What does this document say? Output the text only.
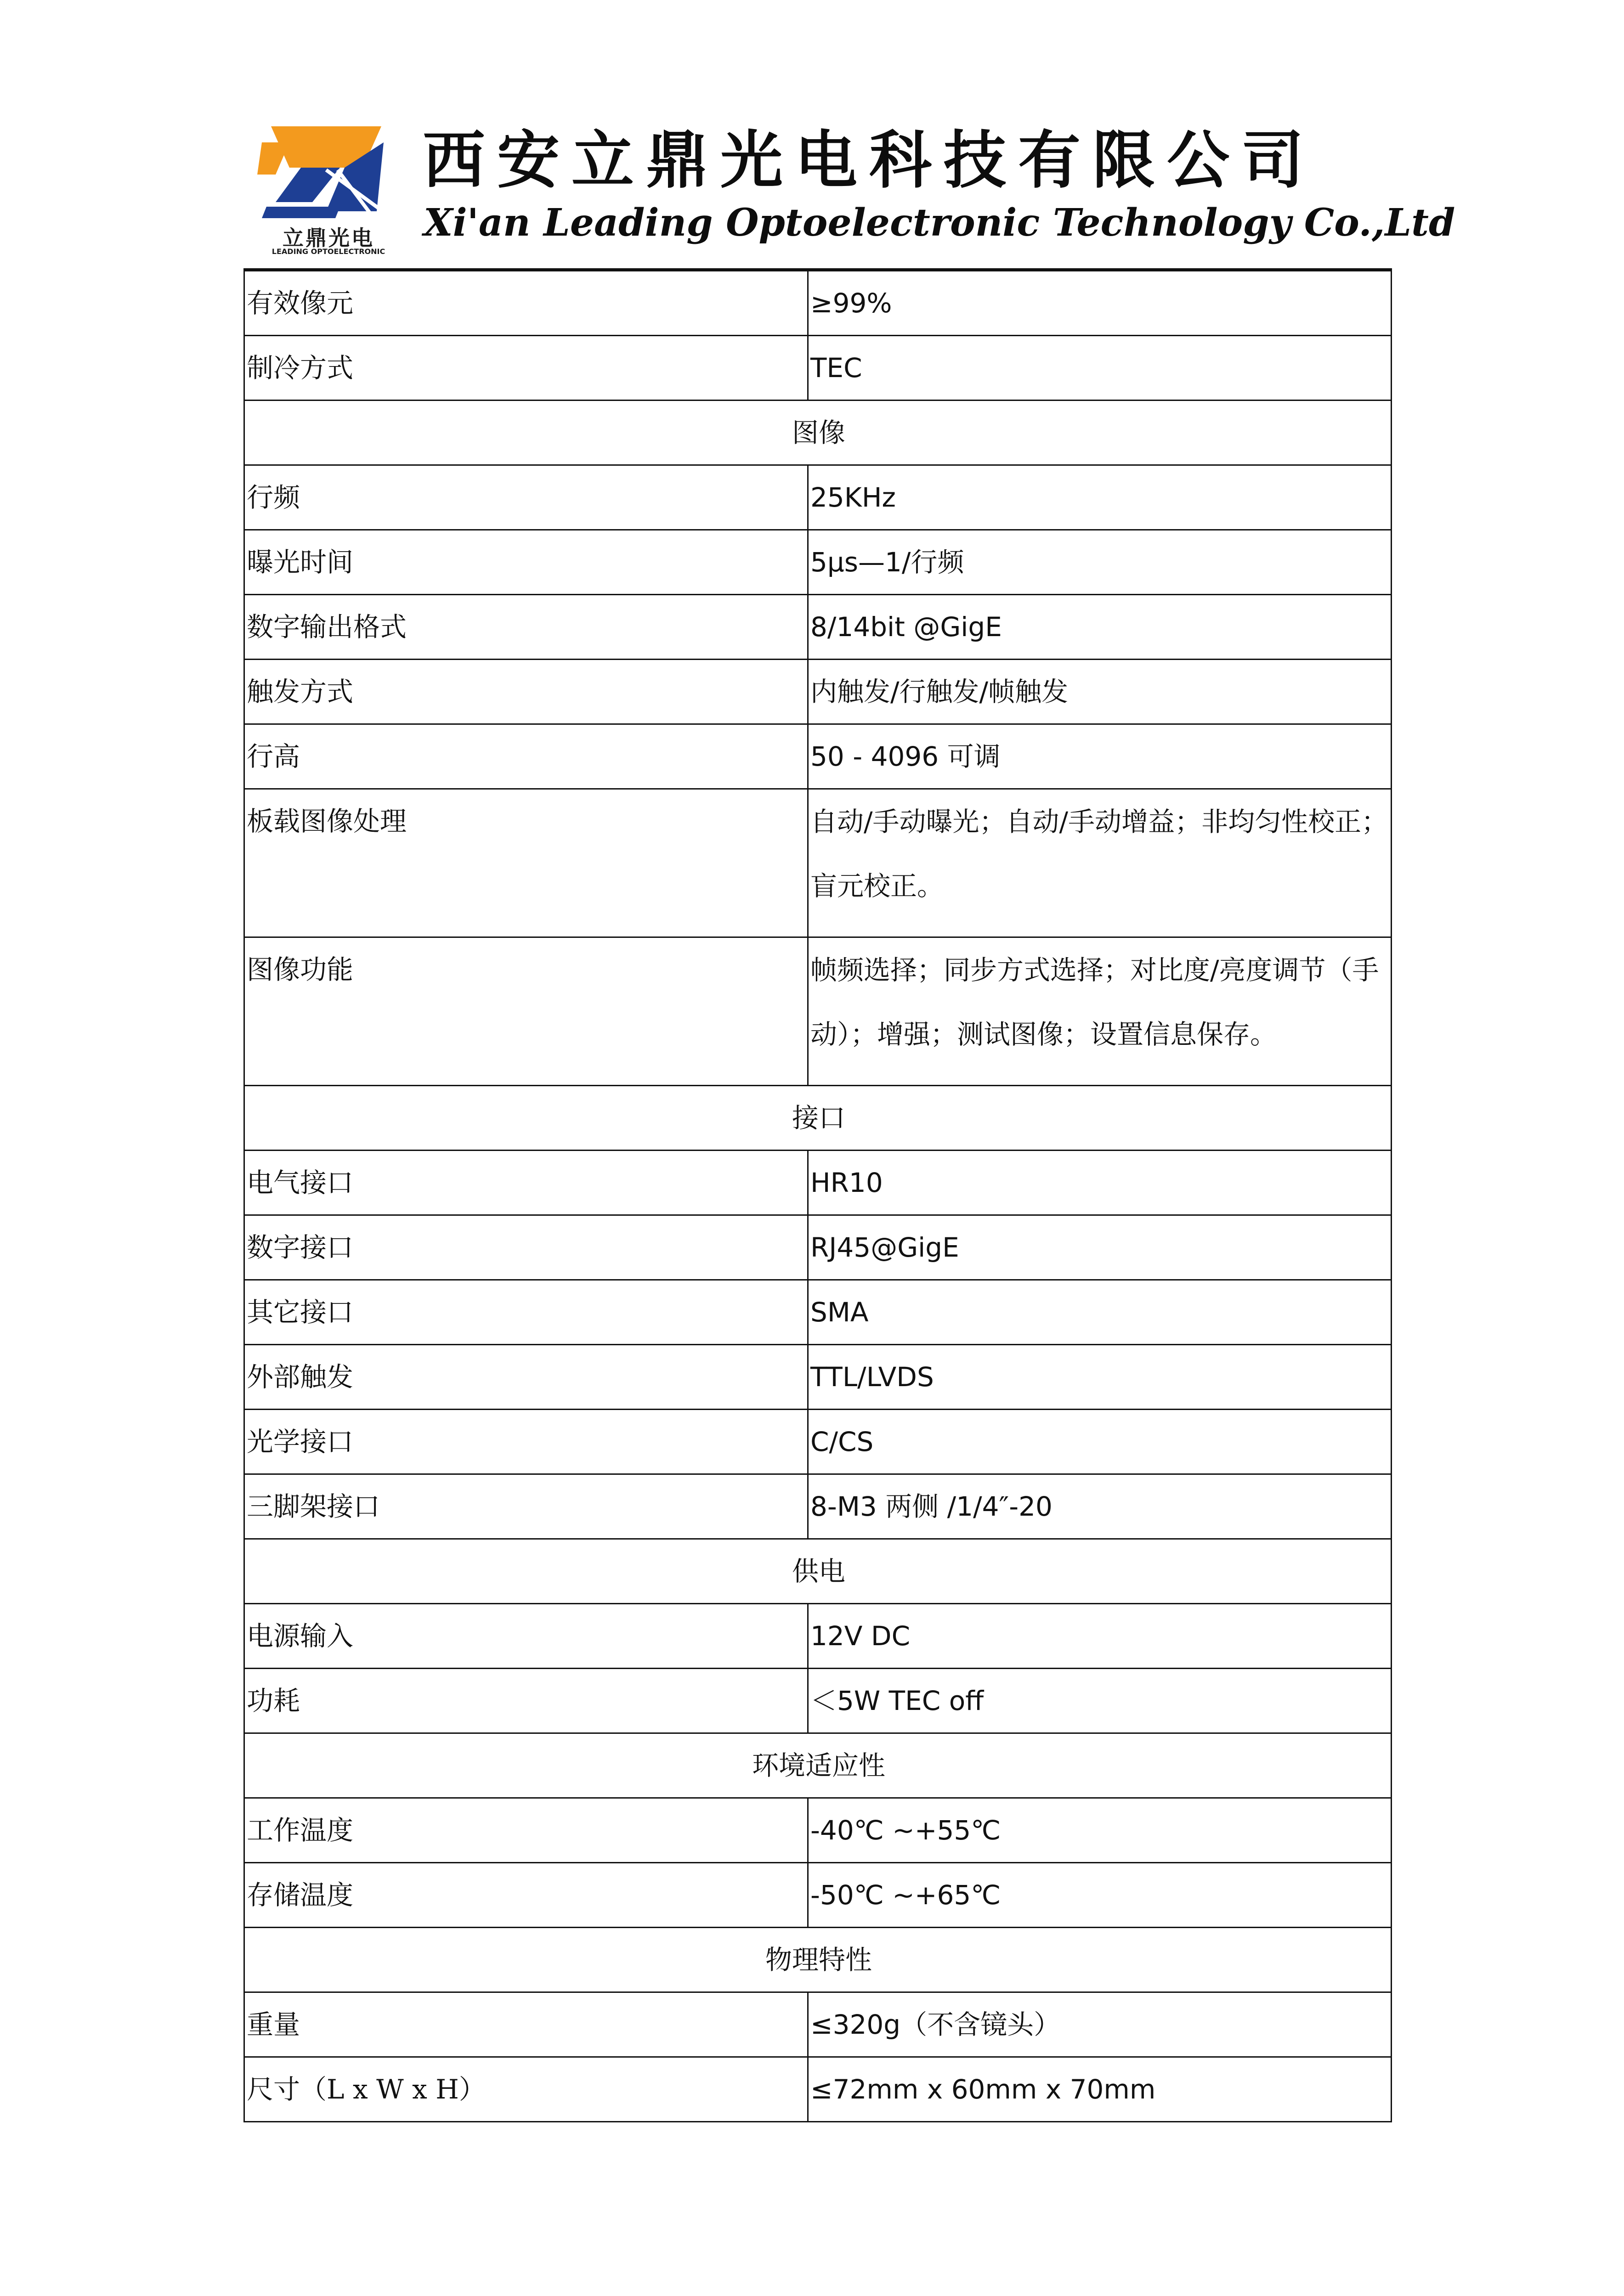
立鼎光电
LEADING OPTOELECTRONIC
西安立鼎光电科技有限公司
Xi'an Leading Optoelectronic Technology Co.,Ltd
有效像元	≥99%
制冷方式	TEC
图像	
行频	25KHz
曝光时间	5μs—1/行频
数字输出格式	8/14bit @GigE
触发方式	内触发/行触发/帧触发
行高	50 - 4096 可调
板载图像处理	自动/手动曝光；自动/手动增益；非均匀性校正；盲元校正。
图像功能	帧频选择；同步方式选择；对比度/亮度调节（手动）；增强；测试图像；设置信息保存。
接口	
电气接口	HR10
数字接口	RJ45@GigE
其它接口	SMA
外部触发	TTL/LVDS
光学接口	C/CS
三脚架接口	8-M3 两侧 /1/4″-20
供电	
电源输入	12V DC
功耗	＜5W TEC off
环境适应性	
工作温度	-40℃ ~+55℃
存储温度	-50℃ ~+65℃
物理特性	
重量	≤320g（不含镜头）
尺寸（L x W x H）	≤72mm x 60mm x 70mm
